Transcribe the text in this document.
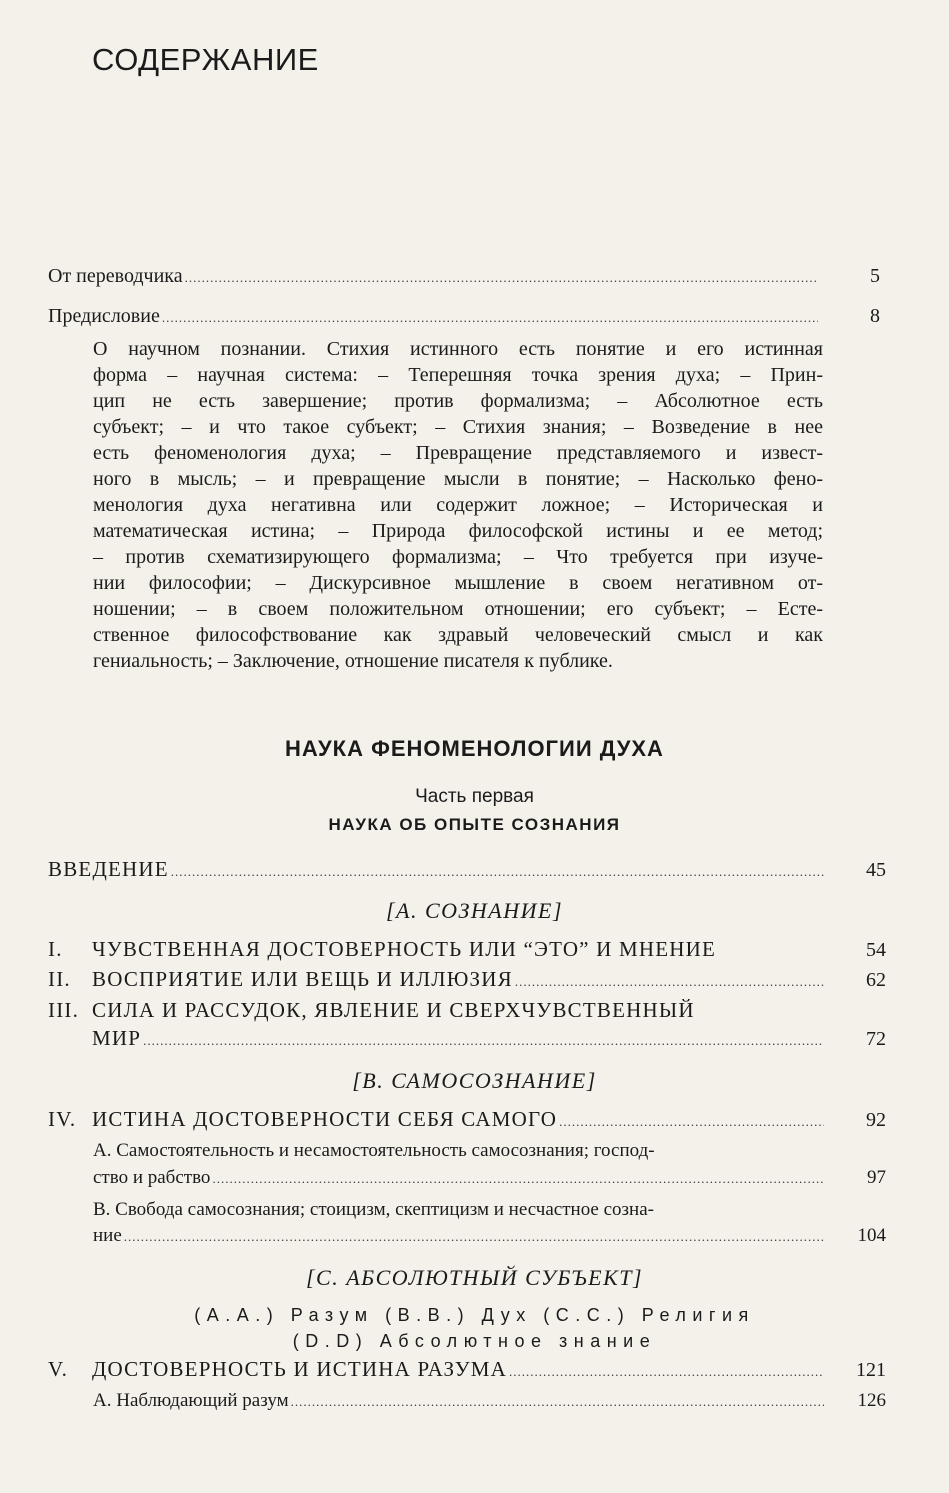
СОДЕРЖАНИЕ
От переводчика .....	5
Предисловие .....	8

О научном познании. Стихия истинного есть понятие и его истинная

форма – научная система: – Теперешняя точка зрения духа; – Прин-

цип не есть завершение; против формализма; – Абсолютное есть

субъект; – и что такое субъект; – Стихия знания; – Возведение в нее

есть феноменология духа; – Превращение представляемого и извест-

ного в мысль; – и превращение мысли в понятие; – Насколько фено-

менология духа негативна или содержит ложное; – Историческая и

математическая истина; – Природа философской истины и ее метод;

– против схематизирующего формализма; – Что требуется при изуче-

нии философии; – Дискурсивное мышление в своем негативном от-

ношении; – в своем положительном отношении; его субъект; – Есте-

ственное философствование как здравый человеческий смысл и как

гениальность; – Заключение, отношение писателя к публике.

НАУКА ФЕНОМЕНОЛОГИИ ДУХА
Часть первая
НАУКА ОБ ОПЫТЕ СОЗНАНИЯ
ВВЕДЕНИЕ .....	45
[А. СОЗНАНИЕ]
I.	ЧУВСТВЕННАЯ ДОСТОВЕРНОСТЬ ИЛИ “ЭТО” И МНЕНИЕ	54
II.	ВОСПРИЯТИЕ ИЛИ ВЕЩЬ И ИЛЛЮЗИЯ .....	62
III. СИЛА И РАССУДОК, ЯВЛЕНИЕ И СВЕРХЧУВСТВЕННЫЙ
МИР .....	72
[В. САМОСОЗНАНИЕ]
IV. ИСТИНА ДОСТОВЕРНОСТИ СЕБЯ САМОГО .....	92
А. Самостоятельность и несамостоятельность самосознания; господ-
ство и рабство .....	97
В. Свобода самосознания; стоицизм, скептицизм и несчастное созна-
ние .....	104
[С. АБСОЛЮТНЫЙ СУБЪЕКТ]
(А.А.) Разум (В.В.) Дух (С.С.) Религия
(D.D) Абсолютное знание
V.	ДОСТОВЕРНОСТЬ И ИСТИНА РАЗУМА .....	121
А. Наблюдающий разум .....	126
